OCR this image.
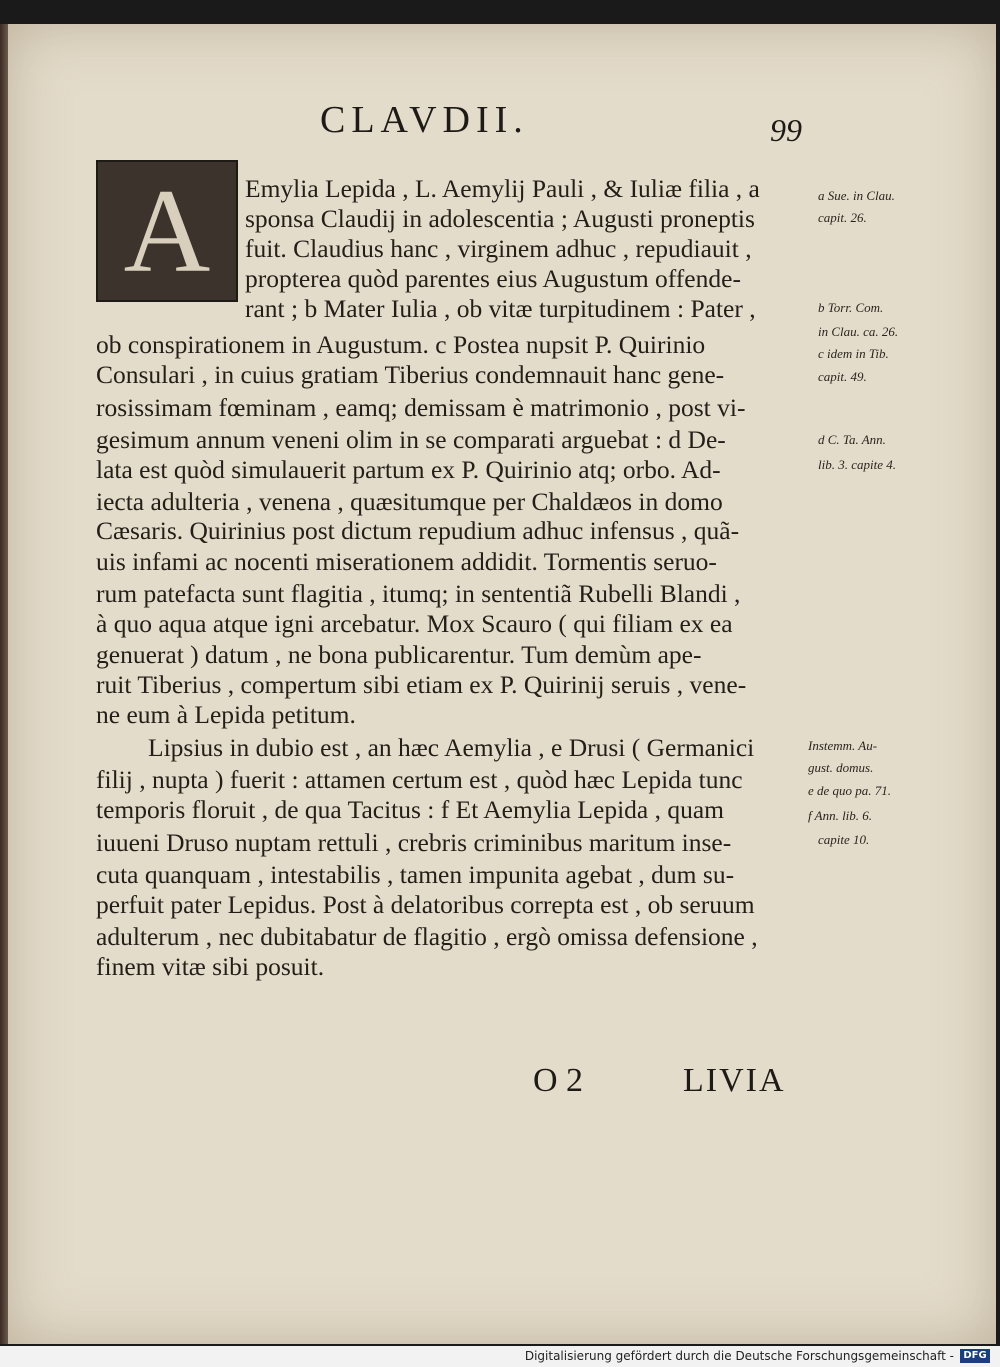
CLAVDII.	99
A	Emylia Lepida , L. Aemylij Pauli , & Iuliæ filia , a
sponsa Claudij in adolescentia ; Augusti proneptis
fuit. Claudius hanc , virginem adhuc , repudiauit ,
propterea quòd parentes eius Augustum offende-
rant ; b Mater Iulia , ob vitæ turpitudinem : Pater ,
ob conspirationem in Augustum. c Postea nupsit P. Quirinio
Consulari , in cuius gratiam Tiberius condemnauit hanc gene-
rosissimam fœminam , eamq; demissam è matrimonio , post vi-
gesimum annum veneni olim in se comparati arguebat : d De-
lata est quòd simulauerit partum ex P. Quirinio atq; orbo. Ad-
iecta adulteria , venena , quæsitumque per Chaldæos in domo
Cæsaris. Quirinius post dictum repudium adhuc infensus , quã-
uis infami ac nocenti miserationem addidit. Tormentis seruo-
rum patefacta sunt flagitia , itumq; in sententiã Rubelli Blandi ,
à quo aqua atque igni arcebatur. Mox Scauro ( qui filiam ex ea
genuerat ) datum , ne bona publicarentur. Tum demùm ape-
ruit Tiberius , compertum sibi etiam ex P. Quirinij seruis , vene-
ne eum à Lepida petitum.
Lipsius in dubio est , an hæc Aemylia , e Drusi ( Germanici
filij , nupta ) fuerit : attamen certum est , quòd hæc Lepida tunc
temporis floruit , de qua Tacitus : f Et Aemylia Lepida , quam
iuueni Druso nuptam rettuli , crebris criminibus maritum inse-
cuta quanquam , intestabilis , tamen impunita agebat , dum su-
perfuit pater Lepidus. Post à delatoribus correpta est , ob seruum
adulterum , nec dubitabatur de flagitio , ergò omissa defensione ,
finem vitæ sibi posuit.
a Sue. in Clau.
capit. 26.
b Torr. Com.
in Clau. ca. 26.
c idem in Tib.
capit. 49.
d C. Ta. Ann.
lib. 3. capite 4.
Instemm. Au-
gust. domus.
e de quo pa. 71.
f Ann. lib. 6.
capite 10.
O 2	LIVIA
Digitalisierung gefördert durch die Deutsche Forschungsgemeinschaft - DFG
